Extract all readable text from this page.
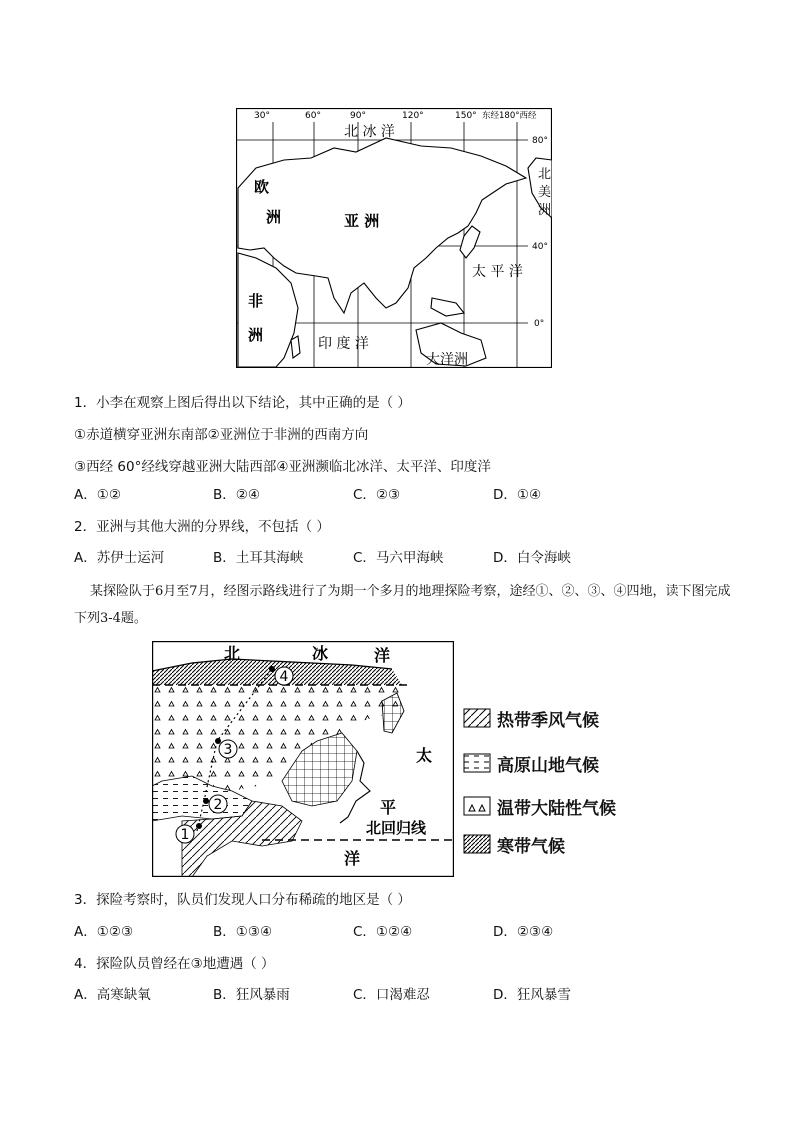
30°	60°	90°	120°	150° 东经180°西经
80°
40°
0°
北 冰 洋
太 平 洋
印 度 洋
大洋洲
欧
洲	亚 洲
非
洲
北
美
洲
1．小李在观察上图后得出以下结论，其中正确的是（ ）
①赤道横穿亚洲东南部②亚洲位于非洲的西南方向
③西经 60°经线穿越亚洲大陆西部④亚洲濒临北冰洋、太平洋、印度洋
A．①②	B．②④	C．②③	D．①④
2．亚洲与其他大洲的分界线，不包括（ ）
A．苏伊士运河	B．土耳其海峡	C．马六甲海峡	D．白令海峡
某探险队于6月至7月，经图示路线进行了为期一个多月的地理探险考察，途经①、②、③、④四地，读下图完成下列3-4题。
1
2
3
4
北	冰	洋
太
平
洋
北回归线
热带季风气候
高原山地气候
温带大陆性气候
寒带气候
3．探险考察时，队员们发现人口分布稀疏的地区是（ ）
A．①②③	B．①③④	C．①②④	D．②③④
4．探险队员曾经在③地遭遇（ ）
A．高寒缺氧	B．狂风暴雨	C．口渴难忍	D．狂风暴雪
